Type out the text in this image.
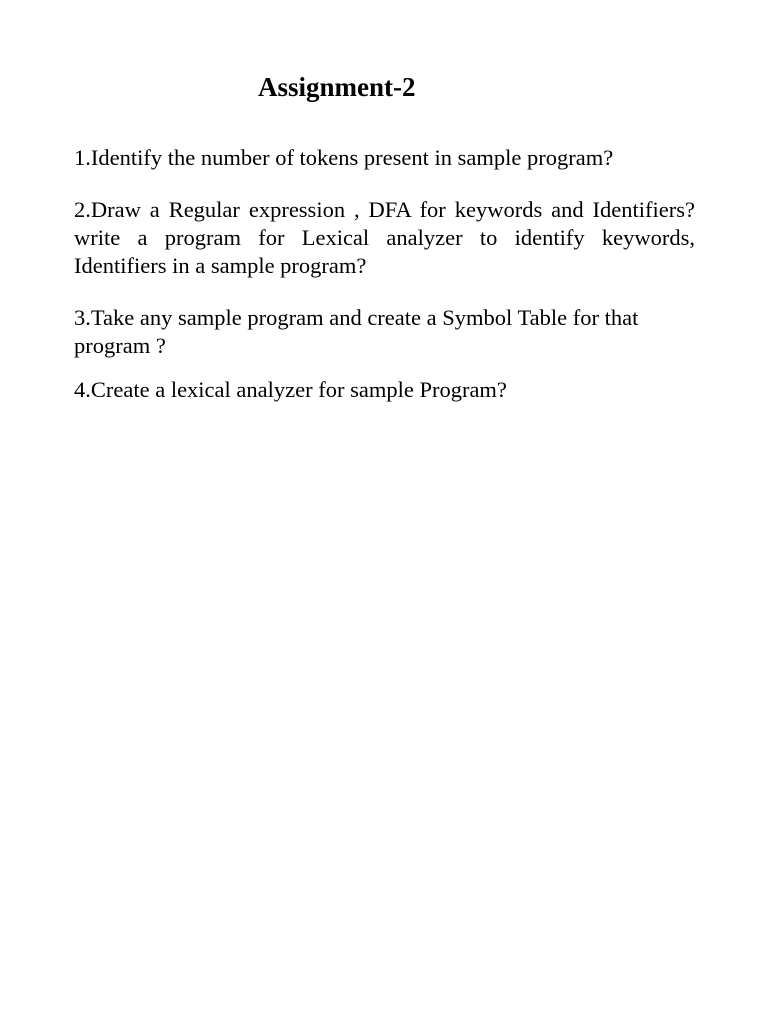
Assignment-2
1.Identify the number of tokens present in sample program?
2.Draw a Regular expression , DFA for keywords and Identifiers?write a program for Lexical analyzer to identify keywords, Identifiers in a sample program?
3.Take any sample program and create a Symbol Table for that program ?
4.Create a lexical analyzer for sample Program?
